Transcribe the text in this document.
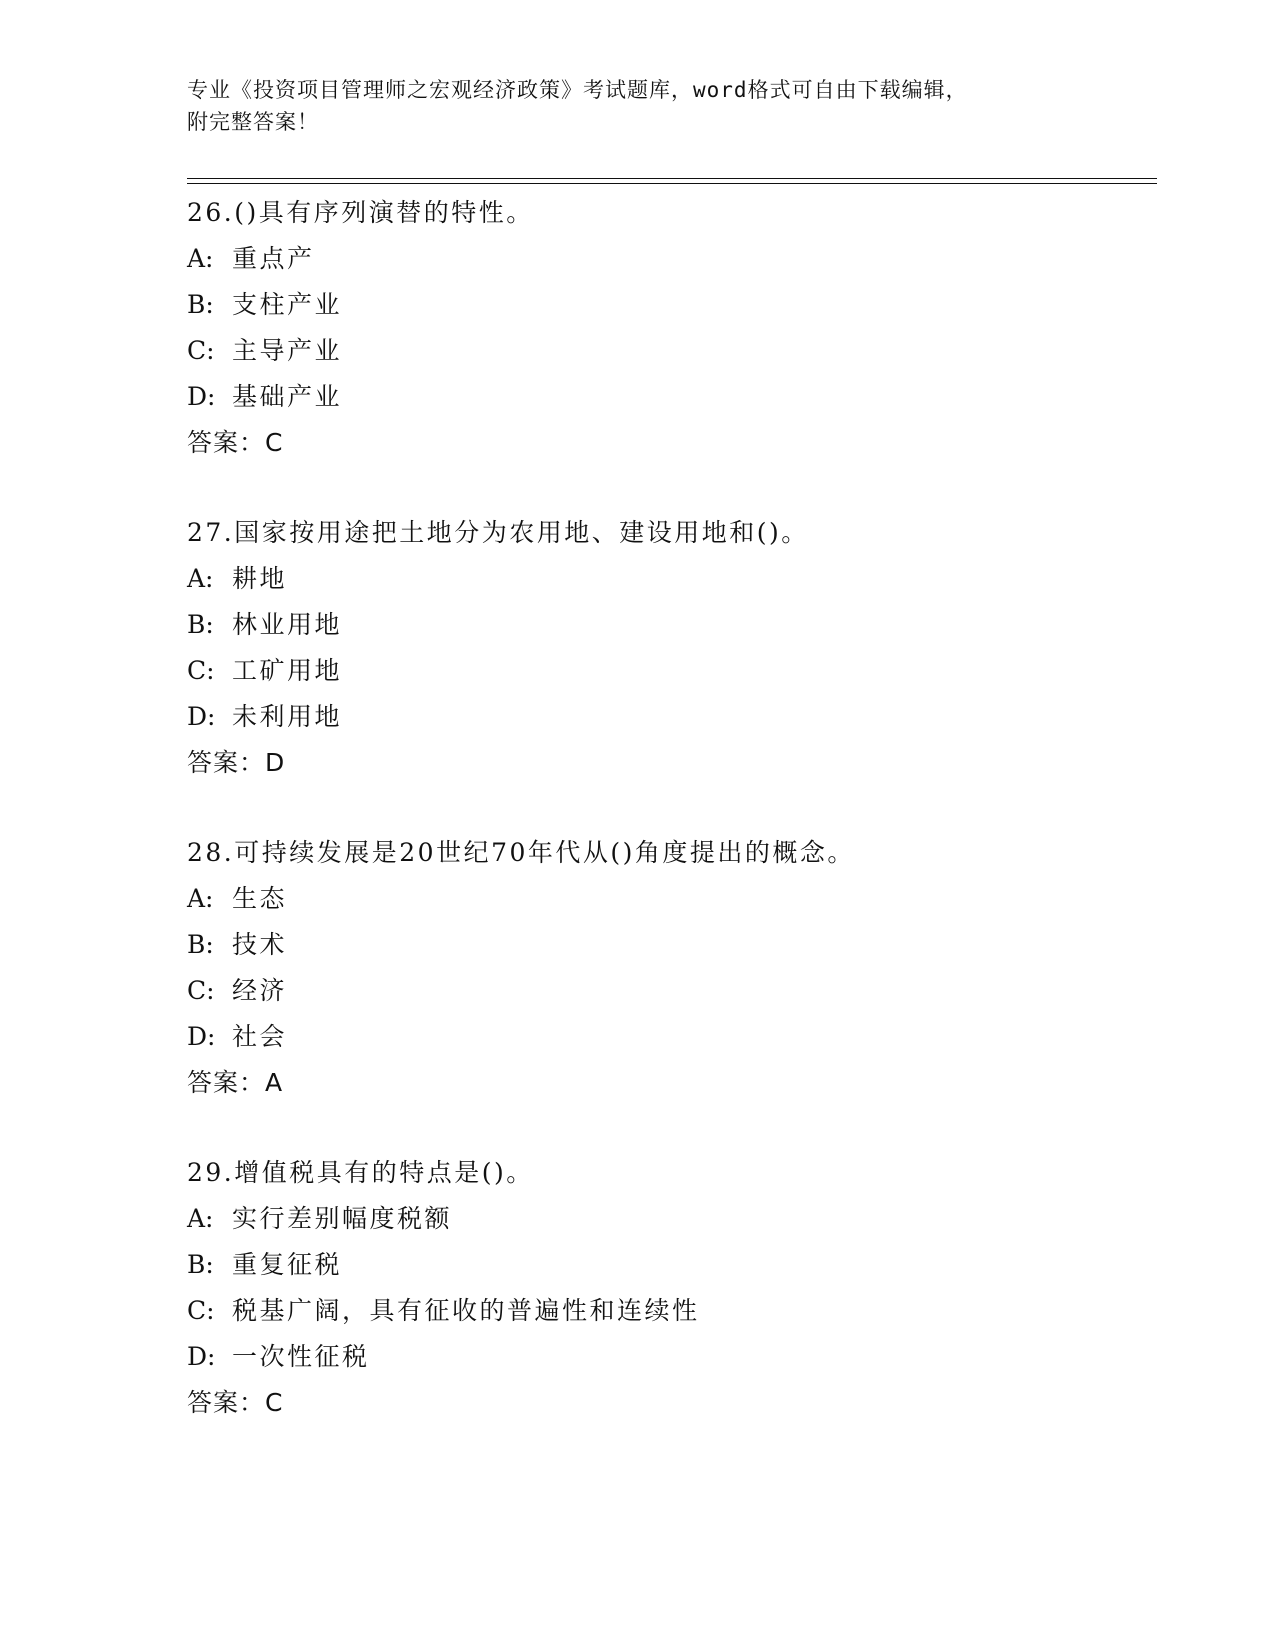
专业《投资项目管理师之宏观经济政策》考试题库，word格式可自由下载编辑，
附完整答案！
26.()具有序列演替的特性。
A: 重点产
B: 支柱产业
C: 主导产业
D: 基础产业
答案：C
27.国家按用途把土地分为农用地、建设用地和()。
A: 耕地
B: 林业用地
C: 工矿用地
D: 未利用地
答案：D
28.可持续发展是20世纪70年代从()角度提出的概念。
A: 生态
B: 技术
C: 经济
D: 社会
答案：A
29.增值税具有的特点是()。
A: 实行差别幅度税额
B: 重复征税
C: 税基广阔，具有征收的普遍性和连续性
D: 一次性征税
答案：C
